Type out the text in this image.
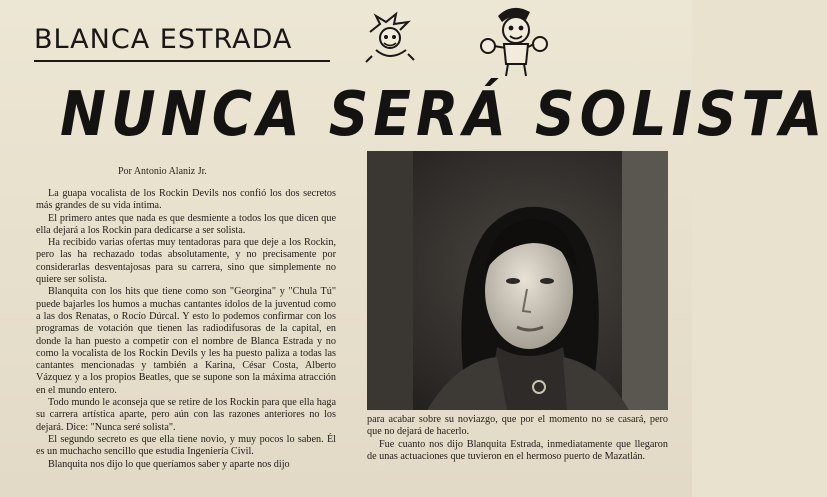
BLANCA ESTRADA
NUNCA SERÁ SOLISTA
Por Antonio Alaniz Jr.

La guapa vocalista de los Rockin Devils nos confió los dos secretos más grandes de su vida íntima.

El primero antes que nada es que desmiente a todos los que dicen que ella dejará a los Rockin para dedicarse a ser solista.

Ha recibido varias ofertas muy tentadoras para que deje a los Rockin, pero las ha rechazado todas absolutamente, y no precisamente por considerarlas desventajosas para su carrera, sino que simplemente no quiere ser solista.

Blanquita con los hits que tiene como son "Georgina" y "Chula Tú" puede bajarles los humos a muchas cantantes ídolos de la juventud como a las dos Renatas, o Rocío Dúrcal. Y esto lo podemos confirmar con los programas de votación que tienen las radiodifusoras de la capital, en donde la han puesto a competir con el nombre de Blanca Estrada y no como la vocalista de los Rockin Devils y les ha puesto paliza a todas las cantantes mencionadas y también a Karina, César Costa, Alberto Vázquez y a los propios Beatles, que se supone son la máxima atracción en el mundo entero.

Todo mundo le aconseja que se retire de los Rockin para que ella haga su carrera artística aparte, pero aún con las razones anteriores no los dejará. Dice: "Nunca seré solista".

El segundo secreto es que ella tiene novio, y muy pocos lo saben. Él es un muchacho sencillo que estudia Ingeniería Civil.

Blanquita nos dijo lo que queríamos saber y aparte nos dijo

para acabar sobre su noviazgo, que por el momento no se casará, pero que no dejará de hacerlo.

Fue cuanto nos dijo Blanquita Estrada, inmediatamente que llegaron de unas actuaciones que tuvieron en el hermoso puerto de Mazatlán.
